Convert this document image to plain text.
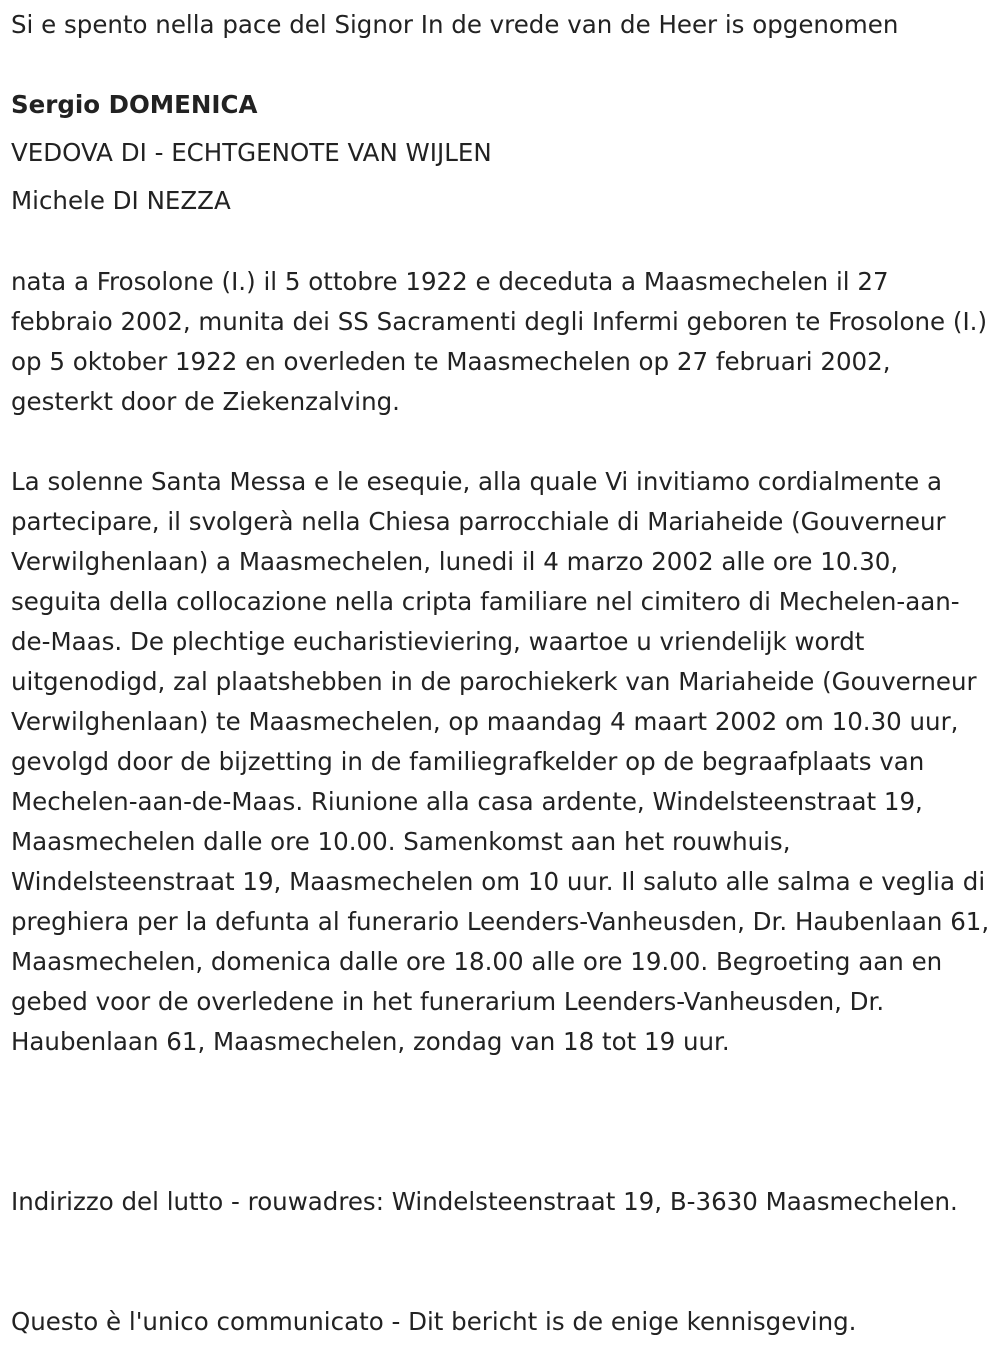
Si e spento nella pace del Signor In de vrede van de Heer is opgenomen

Sergio DOMENICA

VEDOVA DI - ECHTGENOTE VAN WIJLEN

Michele DI NEZZA

nata a Frosolone (I.) il 5 ottobre 1922 e deceduta a Maasmechelen il 27 febbraio 2002, munita dei SS Sacramenti degli Infermi geboren te Frosolone (I.) op 5 oktober 1922 en overleden te Maasmechelen op 27 februari 2002, gesterkt door de Ziekenzalving.

La solenne Santa Messa e le esequie, alla quale Vi invitiamo cordialmente a partecipare, il svolgerà nella Chiesa parrocchiale di Mariaheide (Gouverneur Verwilghenlaan) a Maasmechelen, lunedi il 4 marzo 2002 alle ore 10.30, seguita della collocazione nella cripta familiare nel cimitero di Mechelen-aan-de-Maas. De plechtige eucharistieviering, waartoe u vriendelijk wordt uitgenodigd, zal plaatshebben in de parochiekerk van Mariaheide (Gouverneur Verwilghenlaan) te Maasmechelen, op maandag 4 maart 2002 om 10.30 uur, gevolgd door de bijzetting in de familiegrafkelder op de begraafplaats van Mechelen-aan-de-Maas. Riunione alla casa ardente, Windelsteenstraat 19, Maasmechelen dalle ore 10.00. Samenkomst aan het rouwhuis, Windelsteenstraat 19, Maasmechelen om 10 uur. Il saluto alle salma e veglia di preghiera per la defunta al funerario Leenders-Vanheusden, Dr. Haubenlaan 61, Maasmechelen, domenica dalle ore 18.00 alle ore 19.00. Begroeting aan en gebed voor de overledene in het funerarium Leenders-Vanheusden, Dr. Haubenlaan 61, Maasmechelen, zondag van 18 tot 19 uur.

Indirizzo del lutto - rouwadres: Windelsteenstraat 19, B-3630 Maasmechelen.

Questo è l'unico communicato - Dit bericht is de enige kennisgeving.
